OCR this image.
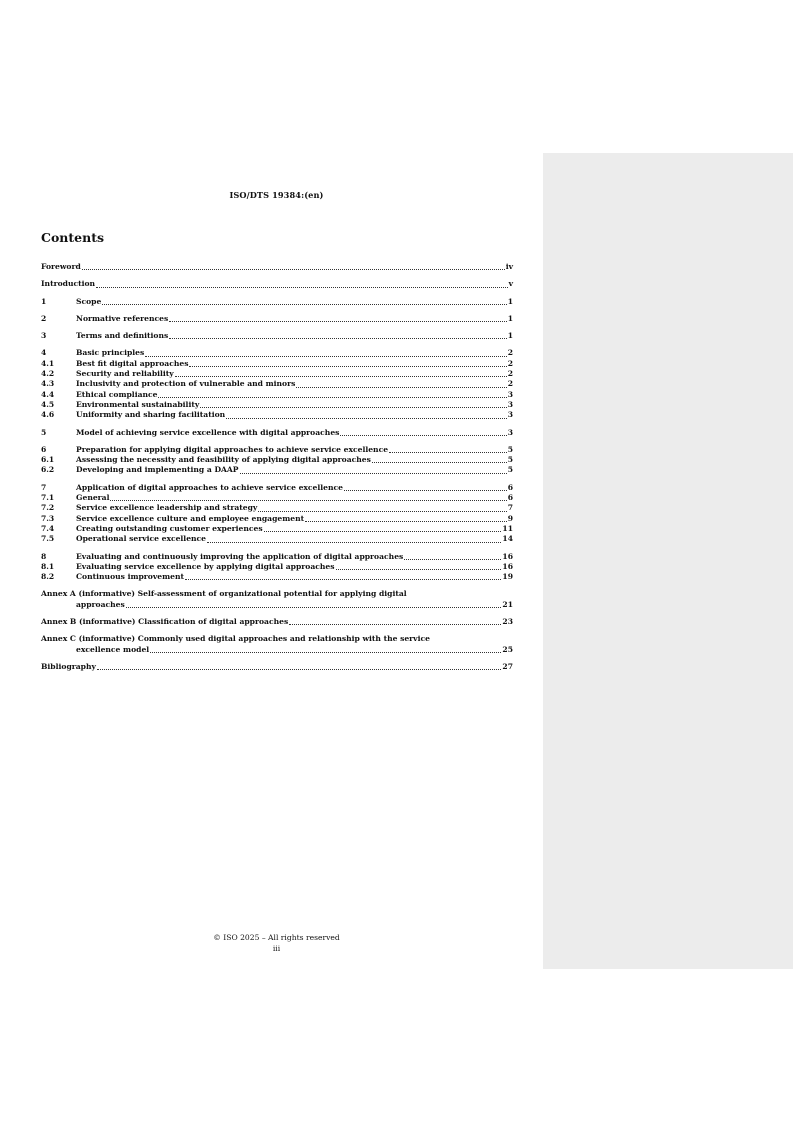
ISO/DTS 19384:(en)
Contents
Foreword	iv
Introduction	v
1	Scope	1
2	Normative references	1
3	Terms and definitions	1
4	Basic principles	2
4.1	Best fit digital approaches	2
4.2	Security and reliability	2
4.3	Inclusivity and protection of vulnerable and minors	2
4.4	Ethical compliance	3
4.5	Environmental sustainability	3
4.6	Uniformity and sharing facilitation	3
5	Model of achieving service excellence with digital approaches	3
6	Preparation for applying digital approaches to achieve service excellence	5
6.1	Assessing the necessity and feasibility of applying digital approaches	5
6.2	Developing and implementing a DAAP	5
7	Application of digital approaches to achieve service excellence	6
7.1	General	6
7.2	Service excellence leadership and strategy	7
7.3	Service excellence culture and employee engagement	9
7.4	Creating outstanding customer experiences	11
7.5	Operational service excellence	14
8	Evaluating and continuously improving the application of digital approaches	16
8.1	Evaluating service excellence by applying digital approaches	16
8.2	Continuous improvement	19
Annex A (informative) Self-assessment of organizational potential for applying digital
approaches	21
Annex B (informative) Classification of digital approaches	23
Annex C (informative) Commonly used digital approaches and relationship with the service
excellence model	25
Bibliography	27
© ISO 2025 – All rights reserved
iii
